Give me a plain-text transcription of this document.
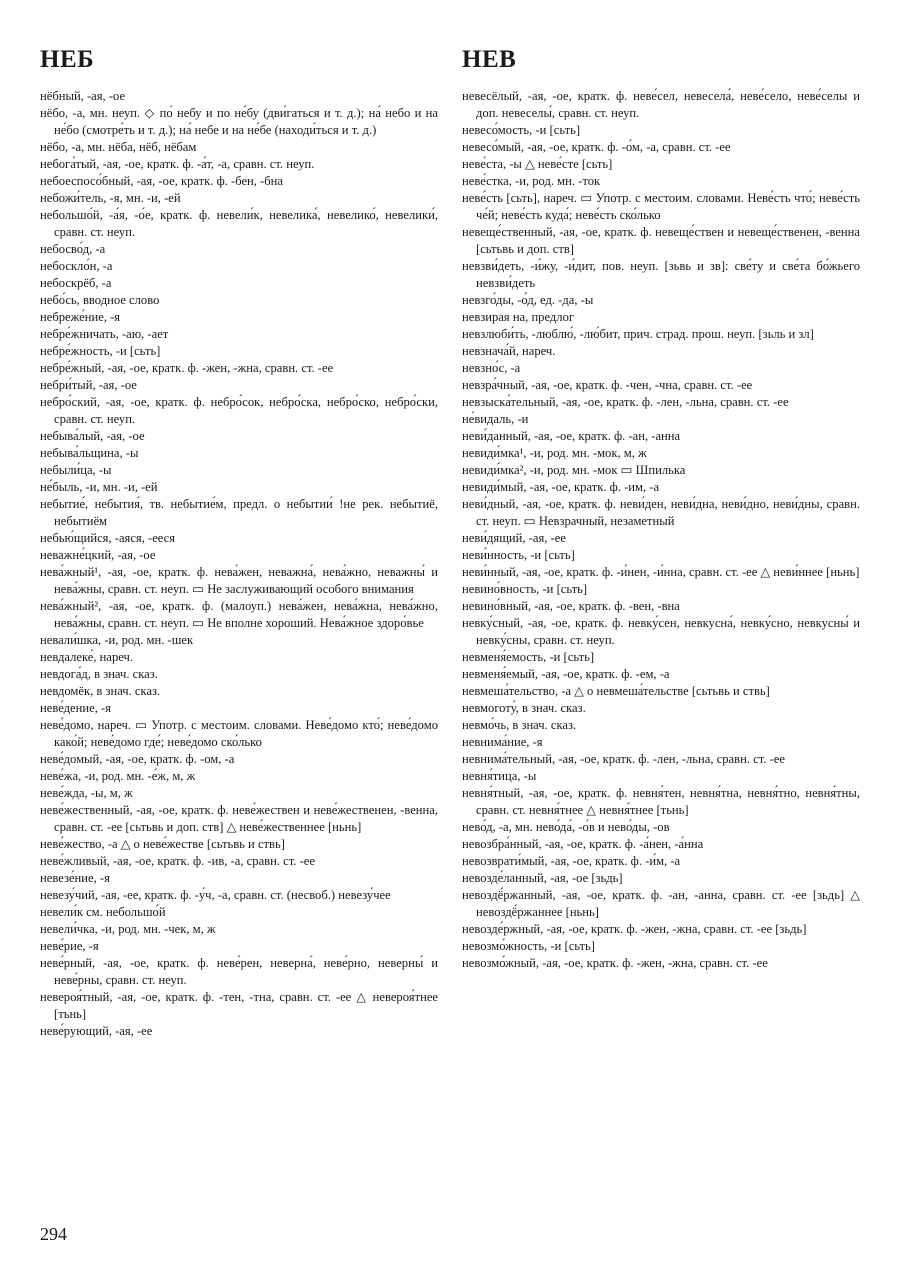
НЕБ	НЕВ

нёбный, -ая, -ое

нёбо, -а, мн. неуп. ◇ по́ небу и по не́бу (дви́гаться и т. д.); на́ небо и на не́бо (смотре́ть и т. д.); на́ небе и на не́бе (находи́ться и т. д.)

нёбо, -а, мн. нёба, нёб, нёбам

небога́тый, -ая, -ое, кратк. ф. -а́т, -а, сравн. ст. неуп.

небоеспосо́бный, -ая, -ое, кратк. ф. -бен, -бна

небожи́тель, -я, мн. -и, -ей

небольшо́й, -а́я, -о́е, кратк. ф. невели́к, невелика́, невелико́, невелики́, сравн. ст. неуп.

небосво́д, -а

небоскло́н, -а

небоскрёб, -а

небо́сь, вводное слово

небреже́ние, -я

небре́жничать, -аю, -ает

небре́жность, -и [сьть]

небре́жный, -ая, -ое, кратк. ф. -жен, -жна, сравн. ст. -ее

небри́тый, -ая, -ое

небро́ский, -ая, -ое, кратк. ф. небро́сок, небро́ска, небро́ско, небро́ски, сравн. ст. неуп.

небыва́лый, -ая, -ое

небыва́льщина, -ы

небыли́ца, -ы

не́быль, -и, мн. -и, -ей

небытие́, небытия́, тв. небытие́м, предл. о небытии́ !не рек. небытиё, небытиём

небью́щийся, -аяся, -ееся

неважне́цкий, -ая, -ое

нева́жный¹, -ая, -ое, кратк. ф. нева́жен, неважна́, нева́жно, неважны́ и нева́жны, сравн. ст. неуп. ▭ Не заслуживающий особого внимания

нева́жный², -ая, -ое, кратк. ф. (малоуп.) нева́жен, нева́жна, нева́жно, нева́жны, сравн. ст. неуп. ▭ Не вполне хороший. Нева́жное здоро́вье

невали́шка, -и, род. мн. -шек

невдалеке́, нареч.

невдога́д, в знач. сказ.

невдомёк, в знач. сказ.

неве́дение, -я

неве́домо, нареч. ▭ Употр. с местоим. словами. Неве́домо кто́; неве́домо како́й; неве́домо где́; неве́домо ско́лько

неве́домый, -ая, -ое, кратк. ф. -ом, -а

неве́жа, -и, род. мн. -е́ж, м, ж

неве́жда, -ы, м, ж

неве́жественный, -ая, -ое, кратк. ф. неве́жествен и неве́жественен, -венна, сравн. ст. -ее [сьтьвь и доп. ств] △ неве́жественнее [ньнь]

неве́жество, -а △ о неве́жестве [сьтьвь и ствь]

неве́жливый, -ая, -ое, кратк. ф. -ив, -а, сравн. ст. -ее

невезе́ние, -я

невезу́чий, -ая, -ее, кратк. ф. -у́ч, -а, сравн. ст. (несвоб.) невезу́чее

невели́к см. небольшо́й

невели́чка, -и, род. мн. -чек, м, ж

неве́рие, -я

неве́рный, -ая, -ое, кратк. ф. неве́рен, неверна́, неве́рно, неверны́ и неве́рны, сравн. ст. неуп.

невероя́тный, -ая, -ое, кратк. ф. -тен, -тна, сравн. ст. -ее △ невероя́тнее [тьнь]

неве́рующий, -ая, -ее

невесёлый, -ая, -ое, кратк. ф. неве́сел, невесела́, неве́село, неве́селы и доп. невеселы́, сравн. ст. неуп.

невесо́мость, -и [сьть]

невесо́мый, -ая, -ое, кратк. ф. -о́м, -а, сравн. ст. -ее

неве́ста, -ы △ неве́сте [сьть]

неве́стка, -и, род. мн. -ток

неве́сть [сьть], нареч. ▭ Употр. с местоим. словами. Неве́сть что́; неве́сть че́й; неве́сть куда́; неве́сть ско́лько

невеще́ственный, -ая, -ое, кратк. ф. невеще́ствен и невеще́ственен, -венна [сьтьвь и доп. ств]

невзви́деть, -и́жу, -и́дит, пов. неуп. [зьвь и зв]: све́ту и све́та бо́жьего невзви́деть

невзго́ды, -о́д, ед. -да, -ы

невзирая на, предлог

невзлюби́ть, -люблю́, -лю́бит, прич. страд. прош. неуп. [зьль и зл]

невзнача́й, нареч.

невзно́с, -а

невзра́чный, -ая, -ое, кратк. ф. -чен, -чна, сравн. ст. -ее

невзыска́тельный, -ая, -ое, кратк. ф. -лен, -льна, сравн. ст. -ее

не́видаль, -и

неви́данный, -ая, -ое, кратк. ф. -ан, -анна

невиди́мка¹, -и, род. мн. -мок, м, ж

невиди́мка², -и, род. мн. -мок ▭ Шпилька

невиди́мый, -ая, -ое, кратк. ф. -им, -а

неви́дный, -ая, -ое, кратк. ф. неви́ден, неви́дна, неви́дно, неви́дны, сравн. ст. неуп. ▭ Невзрачный, незаметный

неви́дящий, -ая, -ее

неви́нность, -и [сьть]

неви́нный, -ая, -ое, кратк. ф. -и́нен, -и́нна, сравн. ст. -ее △ неви́ннее [ньнь]

невино́вность, -и [сьть]

невино́вный, -ая, -ое, кратк. ф. -вен, -вна

невку́сный, -ая, -ое, кратк. ф. невку́сен, невкусна́, невку́сно, невкусны́ и невку́сны, сравн. ст. неуп.

невменя́емость, -и [сьть]

невменя́емый, -ая, -ое, кратк. ф. -ем, -а

невмеша́тельство, -а △ о невмеша́тельстве [сьтьвь и ствь]

невмоготу́, в знач. сказ.

невмо́чь, в знач. сказ.

невнима́ние, -я

невнима́тельный, -ая, -ое, кратк. ф. -лен, -льна, сравн. ст. -ее

невня́тица, -ы

невня́тный, -ая, -ое, кратк. ф. невня́тен, невня́тна, невня́тно, невня́тны, сравн. ст. невня́тнее △ невня́тнее [тьнь]

нево́д, -а, мн. нево́да́, -о́в и нево́ды, -ов

невозбра́нный, -ая, -ое, кратк. ф. -а́нен, -а́нна

невозврати́мый, -ая, -ое, кратк. ф. -и́м, -а

невозде́ланный, -ая, -ое [зьдь]

невоздё́ржанный, -ая, -ое, кратк. ф. -ан, -анна, сравн. ст. -ее [зьдь] △ невоздё́ржаннее [ньнь]

невозде́ржный, -ая, -ое, кратк. ф. -жен, -жна, сравн. ст. -ее [зьдь]

невозмо́жность, -и [сьть]

невозмо́жный, -ая, -ое, кратк. ф. -жен, -жна, сравн. ст. -ее

294
